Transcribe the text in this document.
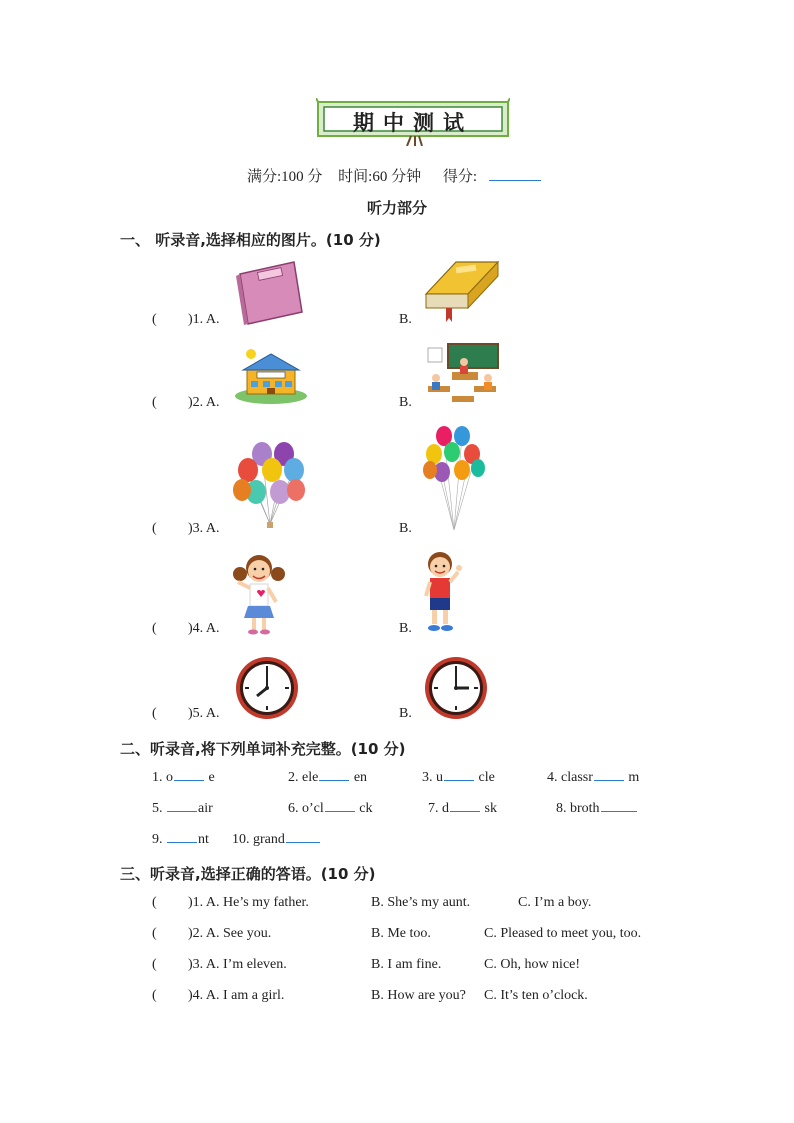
期中测试
满分:100 分 时间:60 分钟 得分:
听力部分
一、 听录音,选择相应的图片。(10 分)
( )1. A.	B.
( )2. A.	B.
( )3. A.	B.
( )4. A.	B.
( )5. A.	B.
二、听录音,将下列单词补充完整。(10 分)
1. o	e	2. ele	en	3. u	cle	4. classr	m
5. air	6. o’cl	ck	7. d	sk	8. broth
9. nt 10. grand
三、听录音,选择正确的答语。(10 分)
( )1. A. He’s my father.	B. She’s my aunt.	C. I’m a boy.
( )2. A. See you.	B. Me too.	C. Pleased to meet you, too.
( )3. A. I’m eleven.	B. I am fine.	C. Oh, how nice!
( )4. A. I am a girl.	B. How are you? C. It’s ten o’clock.
